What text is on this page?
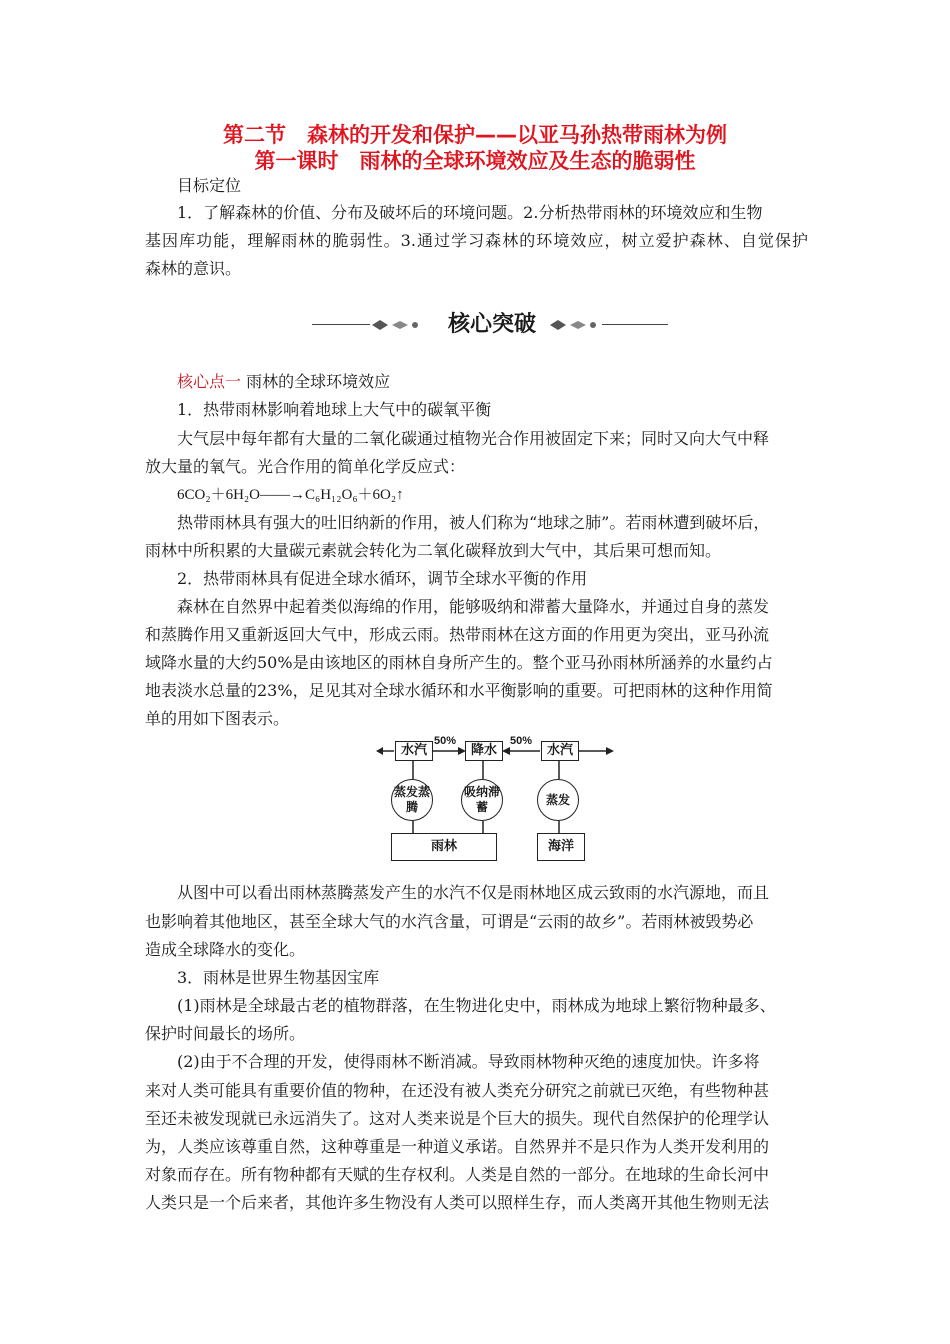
第二节　森林的开发和保护——以亚马孙热带雨林为例
第一课时　雨林的全球环境效应及生态的脆弱性
目标定位
1．了解森林的价值、分布及破坏后的环境问题。2.分析热带雨林的环境效应和生物
基因库功能，理解雨林的脆弱性。3.通过学习森林的环境效应，树立爱护森林、自觉保护
森林的意识。
核心突破
核心点一 雨林的全球环境效应
1．热带雨林影响着地球上大气中的碳氧平衡
大气层中每年都有大量的二氧化碳通过植物光合作用被固定下来；同时又向大气中释
放大量的氧气。光合作用的简单化学反应式：
6CO₂＋6H₂O——→C₆H₁₂O₆＋6O₂↑
热带雨林具有强大的吐旧纳新的作用，被人们称为“地球之肺”。若雨林遭到破坏后，
雨林中所积累的大量碳元素就会转化为二氧化碳释放到大气中，其后果可想而知。
2．热带雨林具有促进全球水循环，调节全球水平衡的作用
森林在自然界中起着类似海绵的作用，能够吸纳和滞蓄大量降水，并通过自身的蒸发
和蒸腾作用又重新返回大气中，形成云雨。热带雨林在这方面的作用更为突出，亚马孙流
域降水量的大约50%是由该地区的雨林自身所产生的。整个亚马孙雨林所涵养的水量约占
地表淡水总量的23%，足见其对全球水循环和水平衡影响的重要。可把雨林的这种作用简
单的用如下图表示。
水汽
50%
降水
50%
水汽
蒸发蒸腾
吸纳滞蓄
蒸发
雨林	海洋
从图中可以看出雨林蒸腾蒸发产生的水汽不仅是雨林地区成云致雨的水汽源地，而且
也影响着其他地区，甚至全球大气的水汽含量，可谓是“云雨的故乡”。若雨林被毁势必
造成全球降水的变化。
3．雨林是世界生物基因宝库
(1)雨林是全球最古老的植物群落，在生物进化史中，雨林成为地球上繁衍物种最多、
保护时间最长的场所。
(2)由于不合理的开发，使得雨林不断消减。导致雨林物种灭绝的速度加快。许多将
来对人类可能具有重要价值的物种，在还没有被人类充分研究之前就已灭绝，有些物种甚
至还未被发现就已永远消失了。这对人类来说是个巨大的损失。现代自然保护的伦理学认
为，人类应该尊重自然，这种尊重是一种道义承诺。自然界并不是只作为人类开发利用的
对象而存在。所有物种都有天赋的生存权利。人类是自然的一部分。在地球的生命长河中
人类只是一个后来者，其他许多生物没有人类可以照样生存，而人类离开其他生物则无法
